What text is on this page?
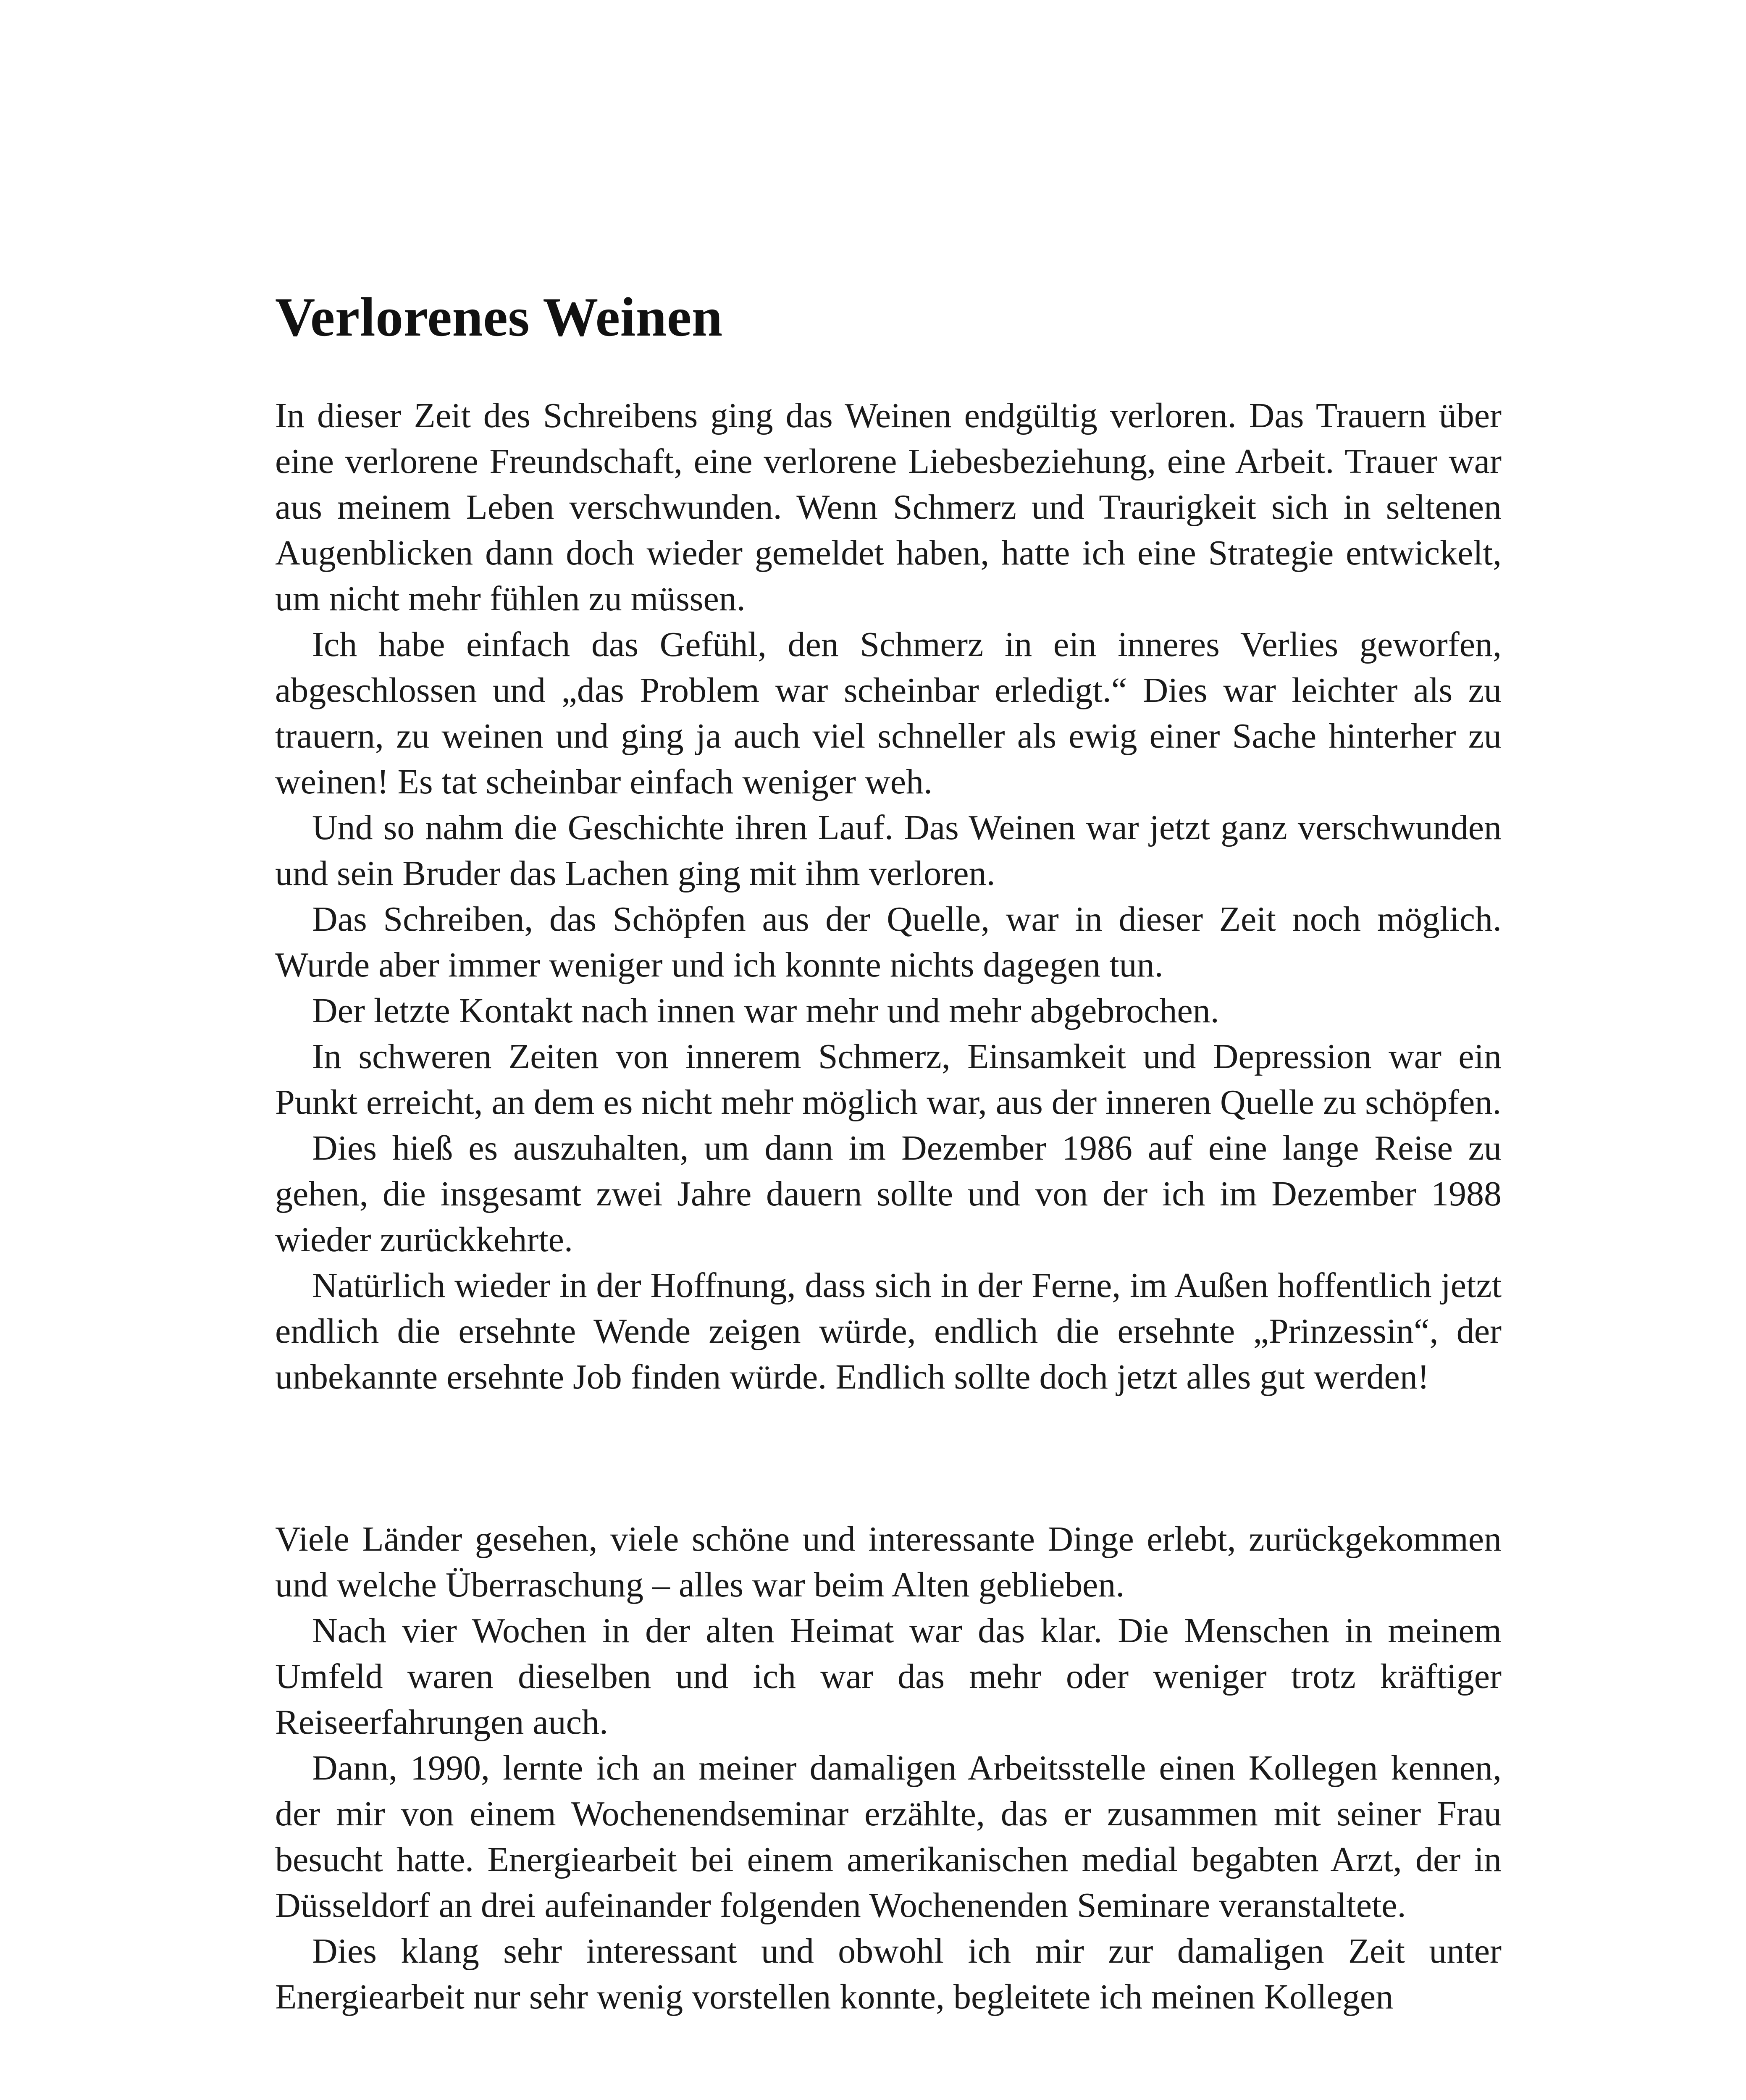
Verlorenes Weinen

In dieser Zeit des Schreibens ging das Weinen endgültig verloren. Das Trauern über eine verlorene Freundschaft, eine verlorene Liebesbeziehung, eine Arbeit. Trauer war aus meinem Leben verschwunden. Wenn Schmerz und Traurigkeit sich in seltenen Augenblicken dann doch wieder gemeldet haben, hatte ich eine Strategie entwickelt, um nicht mehr fühlen zu müssen.

Ich habe einfach das Gefühl, den Schmerz in ein inneres Verlies geworfen, abgeschlossen und „das Problem war scheinbar erledigt.“ Dies war leichter als zu trauern, zu weinen und ging ja auch viel schneller als ewig einer Sache hinterher zu weinen! Es tat scheinbar einfach weniger weh.

Und so nahm die Geschichte ihren Lauf. Das Weinen war jetzt ganz verschwunden und sein Bruder das Lachen ging mit ihm verloren.

Das Schreiben, das Schöpfen aus der Quelle, war in dieser Zeit noch möglich. Wurde aber immer weniger und ich konnte nichts dagegen tun.

Der letzte Kontakt nach innen war mehr und mehr abgebrochen.

In schweren Zeiten von innerem Schmerz, Einsamkeit und Depression war ein Punkt erreicht, an dem es nicht mehr möglich war, aus der inneren Quelle zu schöpfen.

Dies hieß es auszuhalten, um dann im Dezember 1986 auf eine lange Reise zu gehen, die insgesamt zwei Jahre dauern sollte und von der ich im Dezember 1988 wieder zurückkehrte.

Natürlich wieder in der Hoffnung, dass sich in der Ferne, im Außen hoffentlich jetzt endlich die ersehnte Wende zeigen würde, endlich die ersehnte „Prinzessin“, der unbekannte ersehnte Job finden würde. Endlich sollte doch jetzt alles gut werden!

Viele Länder gesehen, viele schöne und interessante Dinge erlebt, zurückgekommen und welche Überraschung – alles war beim Alten geblieben.

Nach vier Wochen in der alten Heimat war das klar. Die Menschen in meinem Umfeld waren dieselben und ich war das mehr oder weniger trotz kräftiger Reiseerfahrungen auch.

Dann, 1990, lernte ich an meiner damaligen Arbeitsstelle einen Kollegen kennen, der mir von einem Wochenendseminar erzählte, das er zusammen mit seiner Frau besucht hatte. Energiearbeit bei einem amerikanischen medial begabten Arzt, der in Düsseldorf an drei aufeinander folgenden Wochenenden Seminare veranstaltete.

Dies klang sehr interessant und obwohl ich mir zur damaligen Zeit unter Energiearbeit nur sehr wenig vorstellen konnte, begleitete ich meinen Kollegen
